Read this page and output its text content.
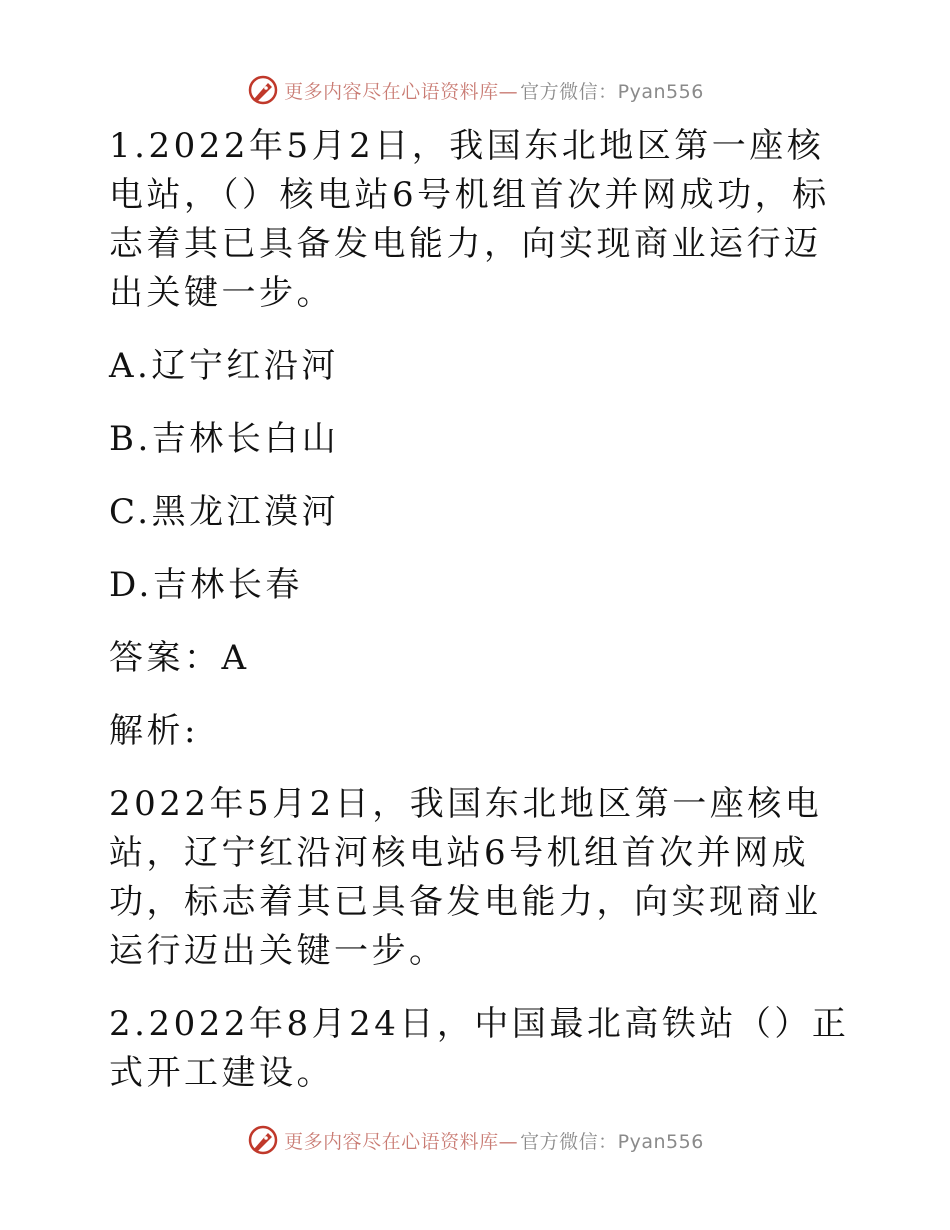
更多内容尽在心语资料库— 官方微信：Pyan556

1.2022年5月2日，我国东北地区第一座核电站，（）核电站6号机组首次并网成功，标志着其已具备发电能力，向实现商业运行迈出关键一步。

A.辽宁红沿河

B.吉林长白山

C.黑龙江漠河

D.吉林长春

答案：A

解析:

2022年5月2日，我国东北地区第一座核电站，辽宁红沿河核电站6号机组首次并网成功，标志着其已具备发电能力，向实现商业运行迈出关键一步。

2.2022年8月24日，中国最北高铁站（）正式开工建设。

更多内容尽在心语资料库— 官方微信：Pyan556
